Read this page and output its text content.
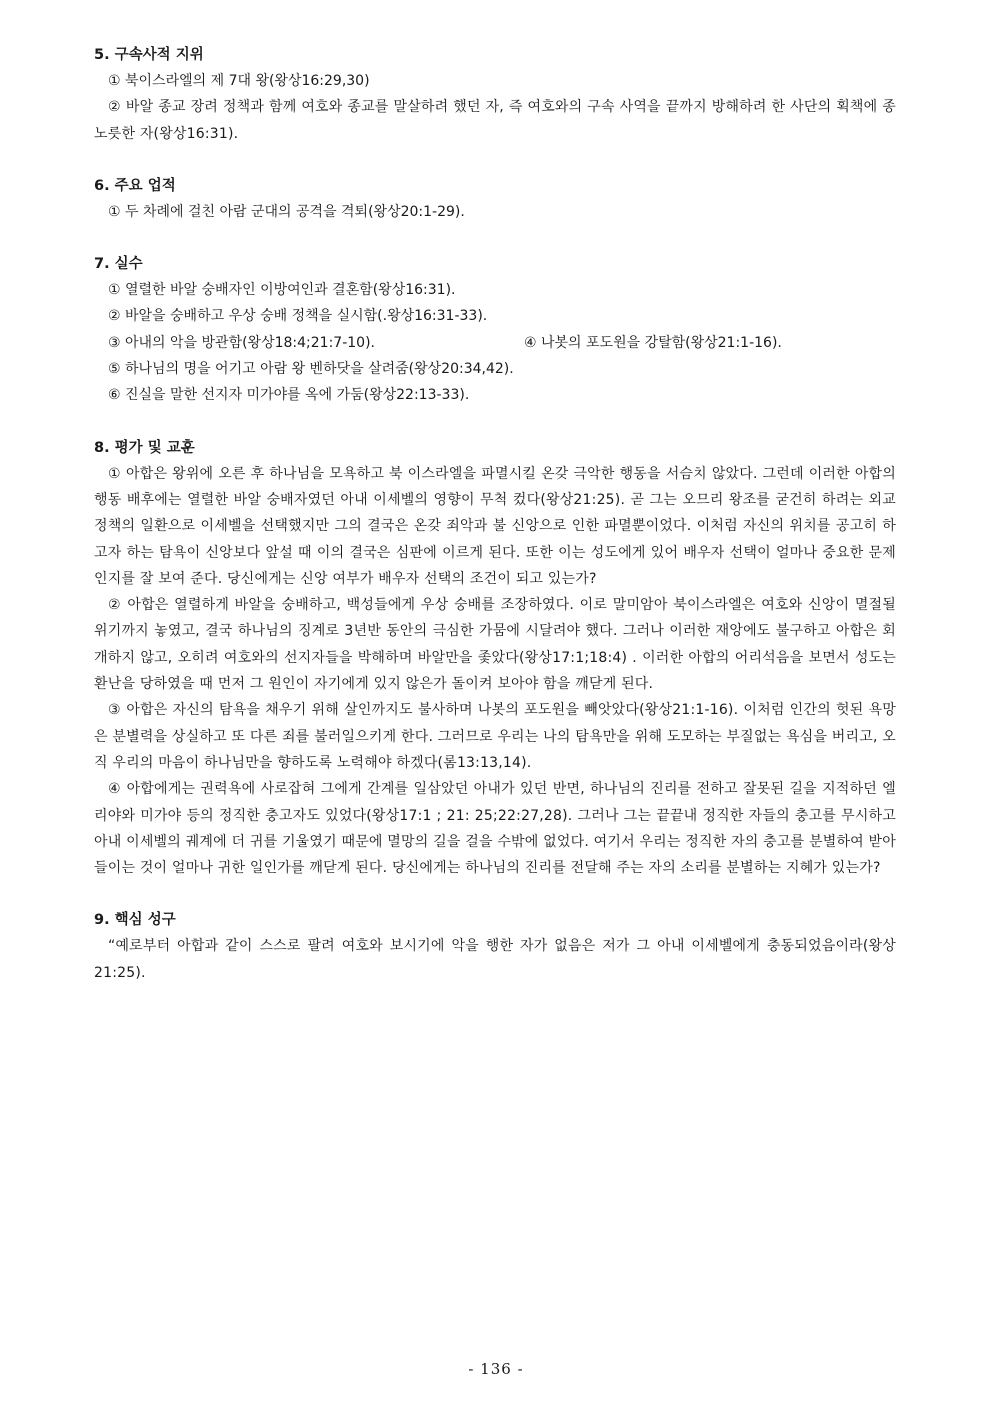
5. 구속사적 지위

① 북이스라엘의 제 7대 왕(왕상16:29,30)

② 바알 종교 장려 정책과 함께 여호와 종교를 말살하려 했던 자, 즉 여호와의 구속 사역을 끝까지 방해하려 한 사단의 획책에 종노릇한 자(왕상16:31).

6. 주요 업적

① 두 차례에 걸친 아람 군대의 공격을 격퇴(왕상20:1-29).

7. 실수

① 열렬한 바알 숭배자인 이방여인과 결혼함(왕상16:31).

② 바알을 숭배하고 우상 숭배 정책을 실시함(.왕상16:31-33).

③ 아내의 악을 방관함(왕상18:4;21:7-10).	④ 나봇의 포도원을 강탈함(왕상21:1-16).

⑤ 하나님의 명을 어기고 아람 왕 벤하닷을 살려줌(왕상20:34,42).

⑥ 진실을 말한 선지자 미가야를 옥에 가둠(왕상22:13-33).

8. 평가 및 교훈

① 아합은 왕위에 오른 후 하나님을 모욕하고 북 이스라엘을 파멸시킬 온갖 극악한 행동을 서슴치 않았다. 그런데 이러한 아합의 행동 배후에는 열렬한 바알 숭배자였던 아내 이세벨의 영향이 무척 컸다(왕상21:25). 곧 그는 오므리 왕조를 굳건히 하려는 외교 정책의 일환으로 이세벨을 선택했지만 그의 결국은 온갖 죄악과 불 신앙으로 인한 파멸뿐이었다. 이처럼 자신의 위치를 공고히 하고자 하는 탐욕이 신앙보다 앞설 때 이의 결국은 심판에 이르게 된다. 또한 이는 성도에게 있어 배우자 선택이 얼마나 중요한 문제인지를 잘 보여 준다. 당신에게는 신앙 여부가 배우자 선택의 조건이 되고 있는가?

② 아합은 열렬하게 바알을 숭배하고, 백성들에게 우상 숭배를 조장하였다. 이로 말미암아 북이스라엘은 여호와 신앙이 멸절될 위기까지 놓였고, 결국 하나님의 징계로 3년반 동안의 극심한 가뭄에 시달려야 했다. 그러나 이러한 재앙에도 불구하고 아합은 회개하지 않고, 오히려 여호와의 선지자들을 박해하며 바알만을 좇았다(왕상17:1;18:4) . 이러한 아합의 어리석음을 보면서 성도는 환난을 당하였을 때 먼저 그 원인이 자기에게 있지 않은가 돌이켜 보아야 함을 깨닫게 된다.

③ 아합은 자신의 탐욕을 채우기 위해 살인까지도 불사하며 나봇의 포도원을 빼앗았다(왕상21:1-16). 이처럼 인간의 헛된 욕망은 분별력을 상실하고 또 다른 죄를 불러일으키게 한다. 그러므로 우리는 나의 탐욕만을 위해 도모하는 부질없는 욕심을 버리고, 오직 우리의 마음이 하나님만을 향하도록 노력해야 하겠다(롬13:13,14).

④ 아합에게는 권력욕에 사로잡혀 그에게 간계를 일삼았던 아내가 있던 반면, 하나님의 진리를 전하고 잘못된 길을 지적하던 엘리야와 미가야 등의 정직한 충고자도 있었다(왕상17:1 ; 21: 25;22:27,28). 그러나 그는 끝끝내 정직한 자들의 충고를 무시하고 아내 이세벨의 궤계에 더 귀를 기울였기 때문에 멸망의 길을 걸을 수밖에 없었다. 여기서 우리는 정직한 자의 충고를 분별하여 받아들이는 것이 얼마나 귀한 일인가를 깨닫게 된다. 당신에게는 하나님의 진리를 전달해 주는 자의 소리를 분별하는 지혜가 있는가?

9. 핵심 성구

“예로부터 아합과 같이 스스로 팔려 여호와 보시기에 악을 행한 자가 없음은 저가 그 아내 이세벨에게 충동되었음이라(왕상21:25).

- 136 -
